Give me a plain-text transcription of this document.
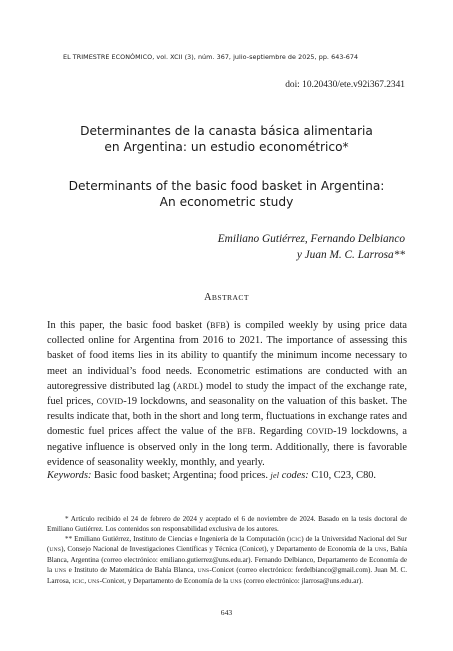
EL TRIMESTRE ECONÓMICO, vol. XCII (3), núm. 367, julio-septiembre de 2025, pp. 643-674
doi: 10.20430/ete.v92i367.2341
Determinantes de la canasta básica alimentaria
en Argentina: un estudio econométrico*
Determinants of the basic food basket in Argentina:
An econometric study
Emiliano Gutiérrez, Fernando Delbianco
y Juan M. C. Larrosa**
ABSTRACT
In this paper, the basic food basket (BFB) is compiled weekly by using price data collected online for Argentina from 2016 to 2021. The importance of assessing this basket of food items lies in its ability to quantify the minimum income necessary to meet an individual’s food needs. Econometric estimations are conducted with an autoregressive distributed lag (ARDL) model to study the impact of the exchange rate, fuel prices, COVID-19 lockdowns, and seasonality on the valuation of this basket. The results indicate that, both in the short and long term, fluctuations in exchange rates and domestic fuel prices affect the value of the BFB. Regarding COVID-19 lockdowns, a negative influence is observed only in the long term. Additionally, there is favorable evidence of seasonality weekly, monthly, and yearly.
Keywords: Basic food basket; Argentina; food prices. jel codes: C10, C23, C80.

* Artículo recibido el 24 de febrero de 2024 y aceptado el 6 de noviembre de 2024. Basado en la tesis doctoral de Emiliano Gutiérrez. Los contenidos son responsabilidad exclusiva de los autores.

** Emiliano Gutiérrez, Instituto de Ciencias e Ingeniería de la Computación (ICIC) de la Universidad Nacional del Sur (UNS), Consejo Nacional de Investigaciones Científicas y Técnica (Conicet), y Departamento de Economía de la UNS, Bahía Blanca, Argentina (correo electrónico: emiliano.gutierrez@uns.edu.ar). Fernando Delbianco, Departamento de Economía de la UNS e Instituto de Matemática de Bahía Blanca, UNS-Conicet (correo electrónico: ferdelbianco@gmail.com). Juan M. C. Larrosa, ICIC, UNS-Conicet, y Departamento de Economía de la UNS (correo electrónico: jlarrosa@uns.edu.ar).

643
